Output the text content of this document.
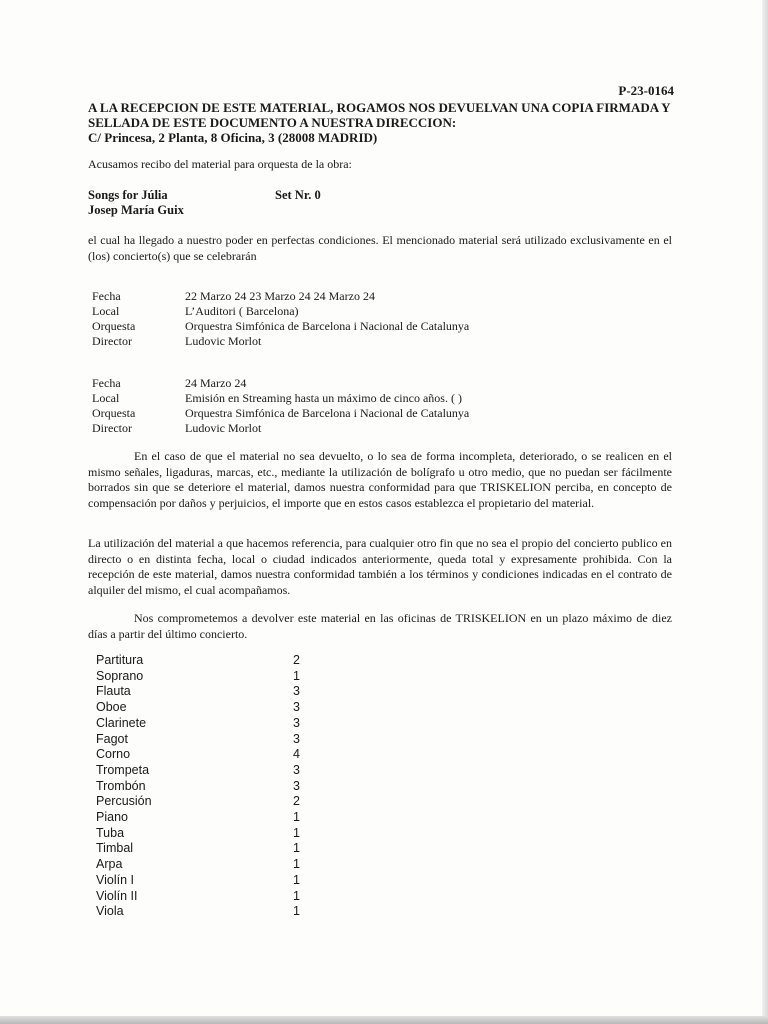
P-23-0164
A LA RECEPCION DE ESTE MATERIAL, ROGAMOS NOS DEVUELVAN UNA COPIA FIRMADA Y
SELLADA DE ESTE DOCUMENTO A NUESTRA DIRECCION:
C/ Princesa, 2 Planta, 8 Oficina, 3 (28008 MADRID)
Acusamos recibo del material para orquesta de la obra:
Songs for Júlia	Set Nr. 0
Josep María Guix
el cual ha llegado a nuestro poder en perfectas condiciones. El mencionado material será utilizado exclusivamente en el (los) concierto(s) que se celebrarán
Fecha	22 Marzo 24 23 Marzo 24 24 Marzo 24
Local	L’Auditori ( Barcelona)
Orquesta	Orquestra Simfónica de Barcelona i Nacional de Catalunya
Director	Ludovic Morlot
Fecha	24 Marzo 24
Local	Emisión en Streaming hasta un máximo de cinco años. ( )
Orquesta	Orquestra Simfónica de Barcelona i Nacional de Catalunya
Director	Ludovic Morlot
En el caso de que el material no sea devuelto, o lo sea de forma incompleta, deteriorado, o se realicen en el mismo señales, ligaduras, marcas, etc., mediante la utilización de bolígrafo u otro medio, que no puedan ser fácilmente borrados sin que se deteriore el material, damos nuestra conformidad para que TRISKELION perciba, en concepto de compensación por daños y perjuicios, el importe que en estos casos establezca el propietario del material.
La utilización del material a que hacemos referencia, para cualquier otro fin que no sea el propio del concierto publico en directo o en distinta fecha, local o ciudad indicados anteriormente, queda total y expresamente prohibida. Con la recepción de este material, damos nuestra conformidad también a los términos y condiciones indicadas en el contrato de alquiler del mismo, el cual acompañamos.
Nos comprometemos a devolver este material en las oficinas de TRISKELION en un plazo máximo de diez días a partir del último concierto.
Partitura	2
Soprano	1
Flauta	3
Oboe	3
Clarinete	3
Fagot	3
Corno	4
Trompeta	3
Trombón	3
Percusión	2
Piano	1
Tuba	1
Timbal	1
Arpa	1
Violín I	1
Violín II	1
Viola	1
